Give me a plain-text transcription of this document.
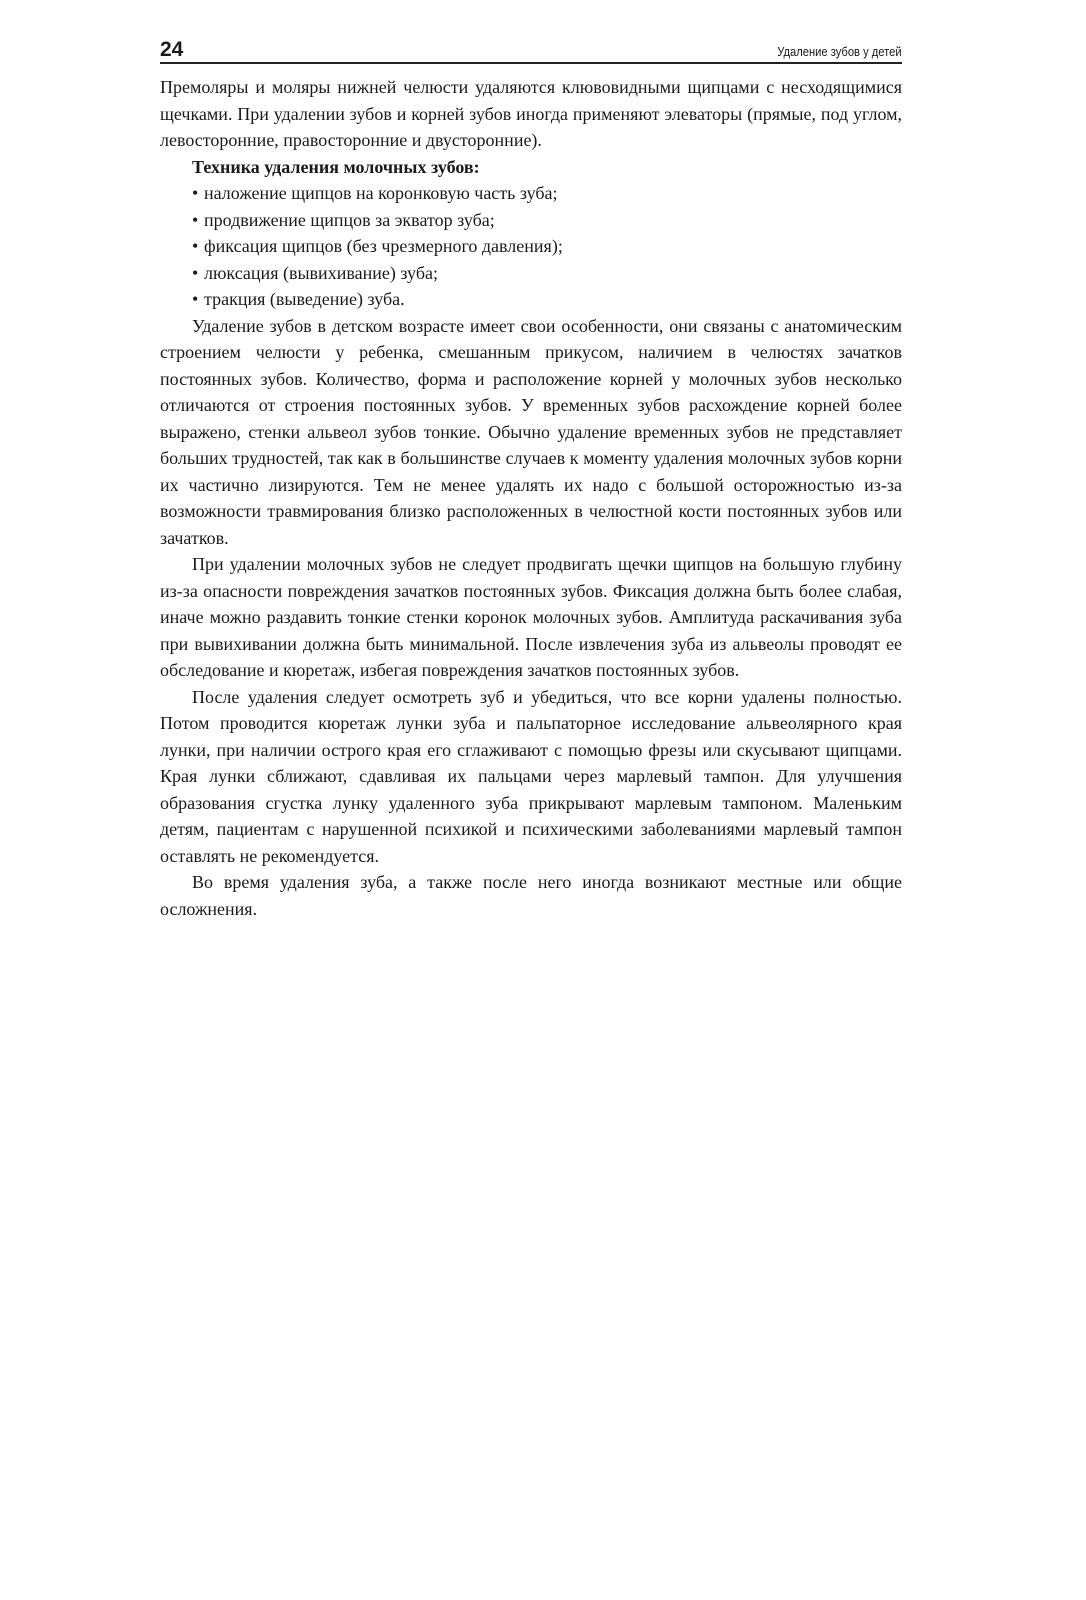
24	Удаление зубов у детей

Премоляры и моляры нижней челюсти удаляются клювовидными щипцами с несходящимися щечками. При удалении зубов и корней зубов иногда применяют элеваторы (прямые, под углом, левосторонние, правосторонние и двусторонние).

Техника удаления молочных зубов:

• наложение щипцов на коронковую часть зуба;
• продвижение щипцов за экватор зуба;
• фиксация щипцов (без чрезмерного давления);
• люксация (вывихивание) зуба;
• тракция (выведение) зуба.

Удаление зубов в детском возрасте имеет свои особенности, они связаны с анатомическим строением челюсти у ребенка, смешанным прикусом, наличием в челюстях зачатков постоянных зубов. Количество, форма и расположение корней у молочных зубов несколько отличаются от строения постоянных зубов. У временных зубов расхождение корней более выражено, стенки альвеол зубов тонкие. Обычно удаление временных зубов не представляет больших трудностей, так как в большинстве случаев к моменту удаления молочных зубов корни их частично лизируются. Тем не менее удалять их надо с большой осторожностью из-за возможности травмирования близко расположенных в челюстной кости постоянных зубов или зачатков.

При удалении молочных зубов не следует продвигать щечки щипцов на большую глубину из-за опасности повреждения зачатков постоянных зубов. Фиксация должна быть более слабая, иначе можно раздавить тонкие стенки коронок молочных зубов. Амплитуда раскачивания зуба при вывихивании должна быть минимальной. После извлечения зуба из альвеолы проводят ее обследование и кюретаж, избегая повреждения зачатков постоянных зубов.

После удаления следует осмотреть зуб и убедиться, что все корни удалены полностью. Потом проводится кюретаж лунки зуба и пальпаторное исследование альвеолярного края лунки, при наличии острого края его сглаживают с помощью фрезы или скусывают щипцами. Края лунки сближают, сдавливая их пальцами через марлевый тампон. Для улучшения образования сгустка лунку удаленного зуба прикрывают марлевым тампоном. Маленьким детям, пациентам с нарушенной психикой и психическими заболеваниями марлевый тампон оставлять не рекомендуется.

Во время удаления зуба, а также после него иногда возникают местные или общие осложнения.
